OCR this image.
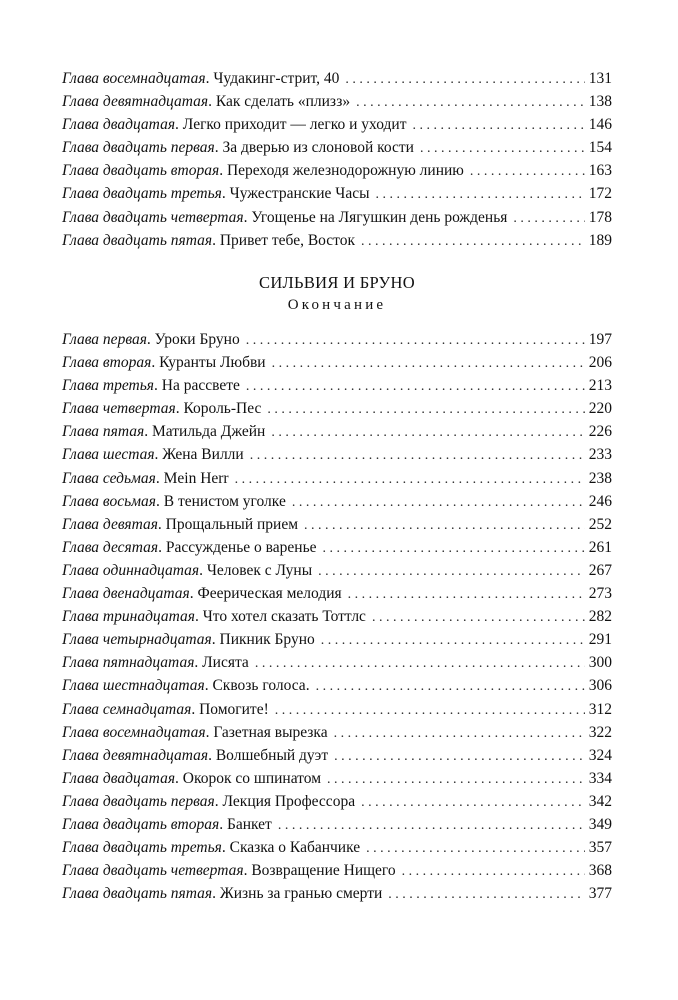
Глава восемнадцатая. Чудакинг-стрит, 40 . . .	131
Глава девятнадцатая. Как сделать «плизз» . . .	138
Глава двадцатая. Легко приходит — легко и уходит . . .	146
Глава двадцать первая. За дверью из слоновой кости . . .	154
Глава двадцать вторая. Переходя железнодорожную линию . . .	163
Глава двадцать третья. Чужестранские Часы . . .	172
Глава двадцать четвертая. Угощенье на Лягушкин день рожденья . . .	178
Глава двадцать пятая. Привет тебе, Восток . . .	189
СИЛЬВИЯ И БРУНО
Окончание
Глава первая. Уроки Бруно . . .	197
Глава вторая. Куранты Любви . . .	206
Глава третья. На рассвете . . .	213
Глава четвертая. Король-Пес . . .	220
Глава пятая. Матильда Джейн . . .	226
Глава шестая. Жена Вилли . . .	233
Глава седьмая. Mein Herr . . .	238
Глава восьмая. В тенистом уголке . . .	246
Глава девятая. Прощальный прием . . .	252
Глава десятая. Рассужденье о варенье . . .	261
Глава одиннадцатая. Человек с Луны . . .	267
Глава двенадцатая. Феерическая мелодия . . .	273
Глава тринадцатая. Что хотел сказать Тоттлс . . .	282
Глава четырнадцатая. Пикник Бруно . . .	291
Глава пятнадцатая. Лисята . . .	300
Глава шестнадцатая. Сквозь голоса. . . .	306
Глава семнадцатая. Помогите! . . .	312
Глава восемнадцатая. Газетная вырезка . . .	322
Глава девятнадцатая. Волшебный дуэт . . .	324
Глава двадцатая. Окорок со шпинатом . . .	334
Глава двадцать первая. Лекция Профессора . . .	342
Глава двадцать вторая. Банкет . . .	349
Глава двадцать третья. Сказка о Кабанчике . . .	357
Глава двадцать четвертая. Возвращение Нищего . . .	368
Глава двадцать пятая. Жизнь за гранью смерти . . .	377
